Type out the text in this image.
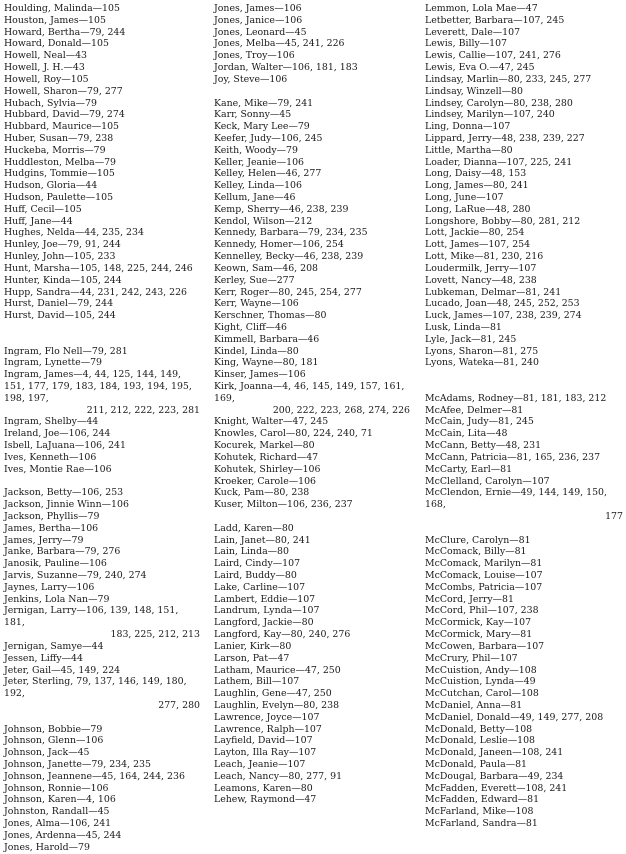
Houlding, Malinda—105

Houston, James—105

Howard, Bertha—79, 244

Howard, Donald—105

Howell, Neal—43

Howell, J. H.—43

Howell, Roy—105

Howell, Sharon—79, 277

Hubach, Sylvia—79

Hubbard, David—79, 274

Hubbard, Maurice—105

Huber, Susan—79, 238

Huckeba, Morris—79

Huddleston, Melba—79

Hudgins, Tommie—105

Hudson, Gloria—44

Hudson, Paulette—105

Huff, Cecil—105

Huff, Jane—44

Hughes, Nelda—44, 235, 234

Hunley, Joe—79, 91, 244

Hunley, John—105, 233

Hunt, Marsha—105, 148, 225, 244, 246

Hunter, Kinda—105, 244

Hupp, Sandra—44, 231, 242, 243, 226

Hurst, Daniel—79, 244

Hurst, David—105, 244

Ingram, Flo Nell—79, 281

Ingram, Lynette—79

Ingram, James—4, 44, 125, 144, 149, 151, 177, 179, 183, 184, 193, 194, 195, 198, 197,
211, 212, 222, 223, 281

Ingram, Shelby—44

Ireland, Joe—106, 244

Isbell, LaJuana—106, 241

Ives, Kenneth—106

Ives, Montie Rae—106

Jackson, Betty—106, 253

Jackson, Jinnie Winn—106

Jackson, Phyllis—79

James, Bertha—106

James, Jerry—79

Janke, Barbara—79, 276

Janosik, Pauline—106

Jarvis, Suzanne—79, 240, 274

Jaynes, Larry—106

Jenkins, Lola Nan—79

Jernigan, Larry—106, 139, 148, 151, 181,
183, 225, 212, 213

Jernigan, Samye—44

Jessen, Liffy—44

Jeter, Gail—45, 149, 224

Jeter, Sterling, 79, 137, 146, 149, 180, 192,
277, 280

Johnson, Bobbie—79

Johnson, Glenn—106

Johnson, Jack—45

Johnson, Janette—79, 234, 235

Johnson, Jeannene—45, 164, 244, 236

Johnson, Ronnie—106

Johnson, Karen—4, 106

Johnston, Randall—45

Jones, Alma—106, 241

Jones, Ardenna—45, 244

Jones, Harold—79

Jones, James—106

Jones, Janice—106

Jones, Leonard—45

Jones, Melba—45, 241, 226

Jones, Troy—106

Jordan, Walter—106, 181, 183

Joy, Steve—106

Kane, Mike—79, 241

Karr, Sonny—45

Keck, Mary Lee—79

Keefer, Judy—106, 245

Keith, Woody—79

Keller, Jeanie—106

Kelley, Helen—46, 277

Kelley, Linda—106

Kellum, Jane—46

Kemp, Sherry—46, 238, 239

Kendol, Wilson—212

Kennedy, Barbara—79, 234, 235

Kennedy, Homer—106, 254

Kennelley, Becky—46, 238, 239

Keown, Sam—46, 208

Kerley, Sue—277

Kerr, Roger—80, 245, 254, 277

Kerr, Wayne—106

Kerschner, Thomas—80

Kight, Cliff—46

Kimmell, Barbara—46

Kindel, Linda—80

King, Wayne—80, 181

Kinser, James—106

Kirk, Joanna—4, 46, 145, 149, 157, 161, 169,
200, 222, 223, 268, 274, 226

Knight, Walter—47, 245

Knowles, Carol—80, 224, 240, 71

Kocurek, Markel—80

Kohutek, Richard—47

Kohutek, Shirley—106

Kroeker, Carole—106

Kuck, Pam—80, 238

Kuser, Milton—106, 236, 237

Ladd, Karen—80

Lain, Janet—80, 241

Lain, Linda—80

Laird, Cindy—107

Laird, Buddy—80

Lake, Carline—107

Lambert, Eddie—107

Landrum, Lynda—107

Langford, Jackie—80

Langford, Kay—80, 240, 276

Lanier, Kirk—80

Larson, Pat—47

Latham, Maurice—47, 250

Lathem, Bill—107

Laughlin, Gene—47, 250

Laughlin, Evelyn—80, 238

Lawrence, Joyce—107

Lawrence, Ralph—107

Layfield, David—107

Layton, Illa Ray—107

Leach, Jeanie—107

Leach, Nancy—80, 277, 91

Leamons, Karen—80

Lehew, Raymond—47

Lemmon, Lola Mae—47

Letbetter, Barbara—107, 245

Leverett, Dale—107

Lewis, Billy—107

Lewis, Callie—107, 241, 276

Lewis, Eva O.—47, 245

Lindsay, Marlin—80, 233, 245, 277

Lindsay, Winzell—80

Lindsey, Carolyn—80, 238, 280

Lindsey, Marilyn—107, 240

Ling, Donna—107

Lippard, Jerry—48, 238, 239, 227

Little, Martha—80

Loader, Dianna—107, 225, 241

Long, Daisy—48, 153

Long, James—80, 241

Long, June—107

Long, LaRue—48, 280

Longshore, Bobby—80, 281, 212

Lott, Jackie—80, 254

Lott, James—107, 254

Lott, Mike—81, 230, 216

Loudermilk, Jerry—107

Lovett, Nancy—48, 238

Lubkeman, Delmar—81, 241

Lucado, Joan—48, 245, 252, 253

Luck, James—107, 238, 239, 274

Lusk, Linda—81

Lyle, Jack—81, 245

Lyons, Sharon—81, 275

Lyons, Wateka—81, 240

McAdams, Rodney—81, 181, 183, 212

McAfee, Delmer—81

McCain, Judy—81, 245

McCain, Lita—48

McCann, Betty—48, 231

McCann, Patricia—81, 165, 236, 237

McCarty, Earl—81

McClelland, Carolyn—107

McClendon, Ernie—49, 144, 149, 150, 168,
177

McClure, Carolyn—81

McComack, Billy—81

McComack, Marilyn—81

McComack, Louise—107

McCombs, Patricia—107

McCord, Jerry—81

McCord, Phil—107, 238

McCormick, Kay—107

McCormick, Mary—81

McCowen, Barbara—107

McCrury, Phil—107

McCuistion, Andy—108

McCuistion, Lynda—49

McCutchan, Carol—108

McDaniel, Anna—81

McDaniel, Donald—49, 149, 277, 208

McDonald, Betty—108

McDonald, Leslie—108

McDonald, Janeen—108, 241

McDonald, Paula—81

McDougal, Barbara—49, 234

McFadden, Everett—108, 241

McFadden, Edward—81

McFarland, Mike—108

McFarland, Sandra—81
